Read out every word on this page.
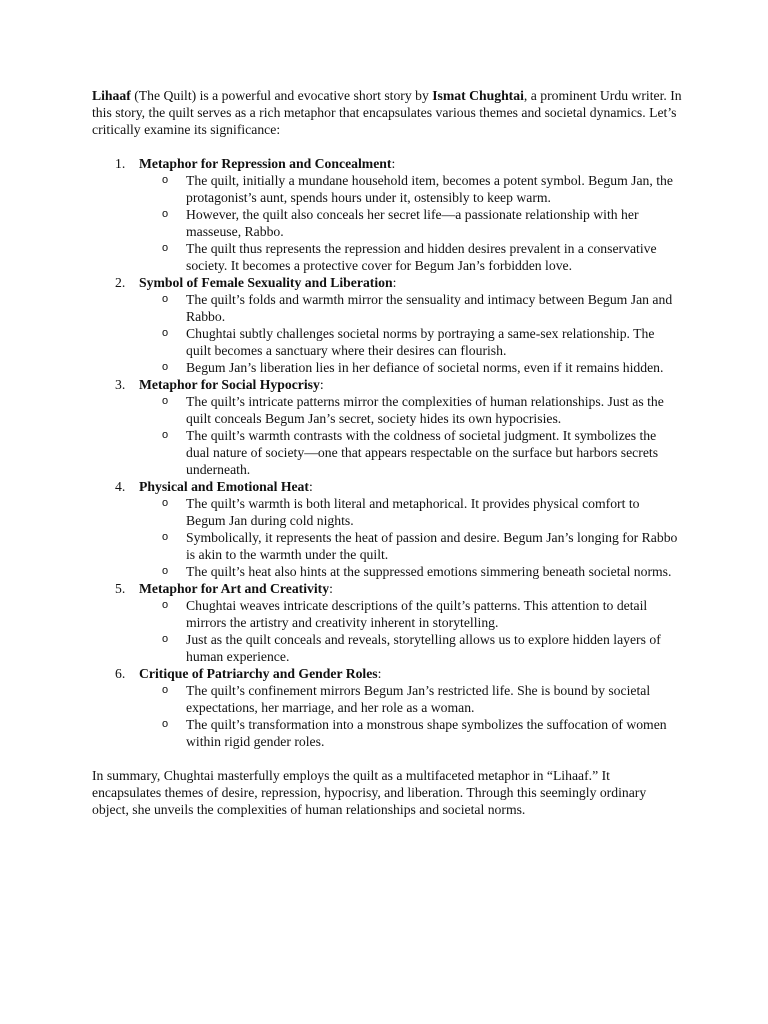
Lihaaf (The Quilt) is a powerful and evocative short story by Ismat Chughtai, a prominent Urdu writer. In this story, the quilt serves as a rich metaphor that encapsulates various themes and societal dynamics. Let’s critically examine its significance:

1. Metaphor for Repression and Concealment:
o The quilt, initially a mundane household item, becomes a potent symbol. Begum Jan, the protagonist’s aunt, spends hours under it, ostensibly to keep warm.
o However, the quilt also conceals her secret life—a passionate relationship with her masseuse, Rabbo.
o The quilt thus represents the repression and hidden desires prevalent in a conservative society. It becomes a protective cover for Begum Jan’s forbidden love.
2. Symbol of Female Sexuality and Liberation:
o The quilt’s folds and warmth mirror the sensuality and intimacy between Begum Jan and Rabbo.
o Chughtai subtly challenges societal norms by portraying a same-sex relationship. The quilt becomes a sanctuary where their desires can flourish.
o Begum Jan’s liberation lies in her defiance of societal norms, even if it remains hidden.
3. Metaphor for Social Hypocrisy:
o The quilt’s intricate patterns mirror the complexities of human relationships. Just as the quilt conceals Begum Jan’s secret, society hides its own hypocrisies.
o The quilt’s warmth contrasts with the coldness of societal judgment. It symbolizes the dual nature of society—one that appears respectable on the surface but harbors secrets underneath.
4. Physical and Emotional Heat:
o The quilt’s warmth is both literal and metaphorical. It provides physical comfort to Begum Jan during cold nights.
o Symbolically, it represents the heat of passion and desire. Begum Jan’s longing for Rabbo is akin to the warmth under the quilt.
o The quilt’s heat also hints at the suppressed emotions simmering beneath societal norms.
5. Metaphor for Art and Creativity:
o Chughtai weaves intricate descriptions of the quilt’s patterns. This attention to detail mirrors the artistry and creativity inherent in storytelling.
o Just as the quilt conceals and reveals, storytelling allows us to explore hidden layers of human experience.
6. Critique of Patriarchy and Gender Roles:
o The quilt’s confinement mirrors Begum Jan’s restricted life. She is bound by societal expectations, her marriage, and her role as a woman.
o The quilt’s transformation into a monstrous shape symbolizes the suffocation of women within rigid gender roles.

In summary, Chughtai masterfully employs the quilt as a multifaceted metaphor in “Lihaaf.” It encapsulates themes of desire, repression, hypocrisy, and liberation. Through this seemingly ordinary object, she unveils the complexities of human relationships and societal norms.
